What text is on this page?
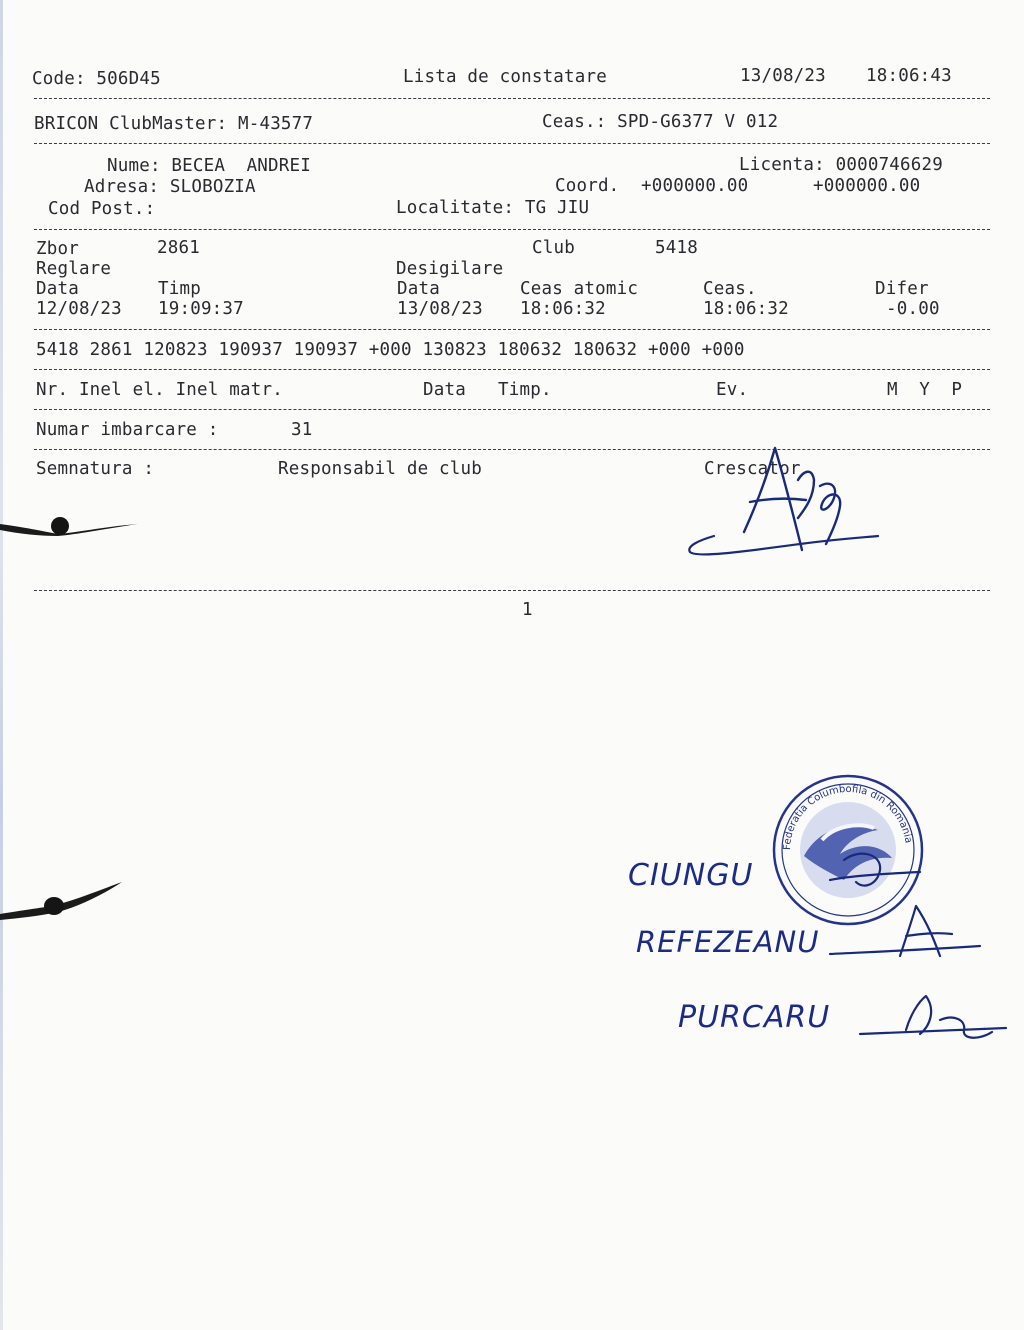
Code: 506D45	Lista de constatare	13/08/23 18:06:43
BRICON ClubMaster: M-43577	Ceas.: SPD-G6377 V 012
Nume: BECEA  ANDREI	Licenta: 0000746629
Adresa: SLOBOZIA	Coord. +000000.00	+000000.00
Cod Post.:	Localitate: TG JIU
Zbor	2861	Club	5418
Reglare	Desigilare
Data	Timp	Data	Ceas atomic	Ceas.	Difer
12/08/23 19:09:37	13/08/23 18:06:32	18:06:32	-0.00
5418 2861 120823 190937 190937 +000 130823 180632 180632 +000 +000
Nr. Inel el. Inel matr.	Data Timp.	Ev.	M  Y  P
Numar imbarcare :	31
Semnatura :	Responsabil de club	Crescator
1
Federatia Columbofila din Romania
CIUNGU
REFEZEANU
PURCARU
